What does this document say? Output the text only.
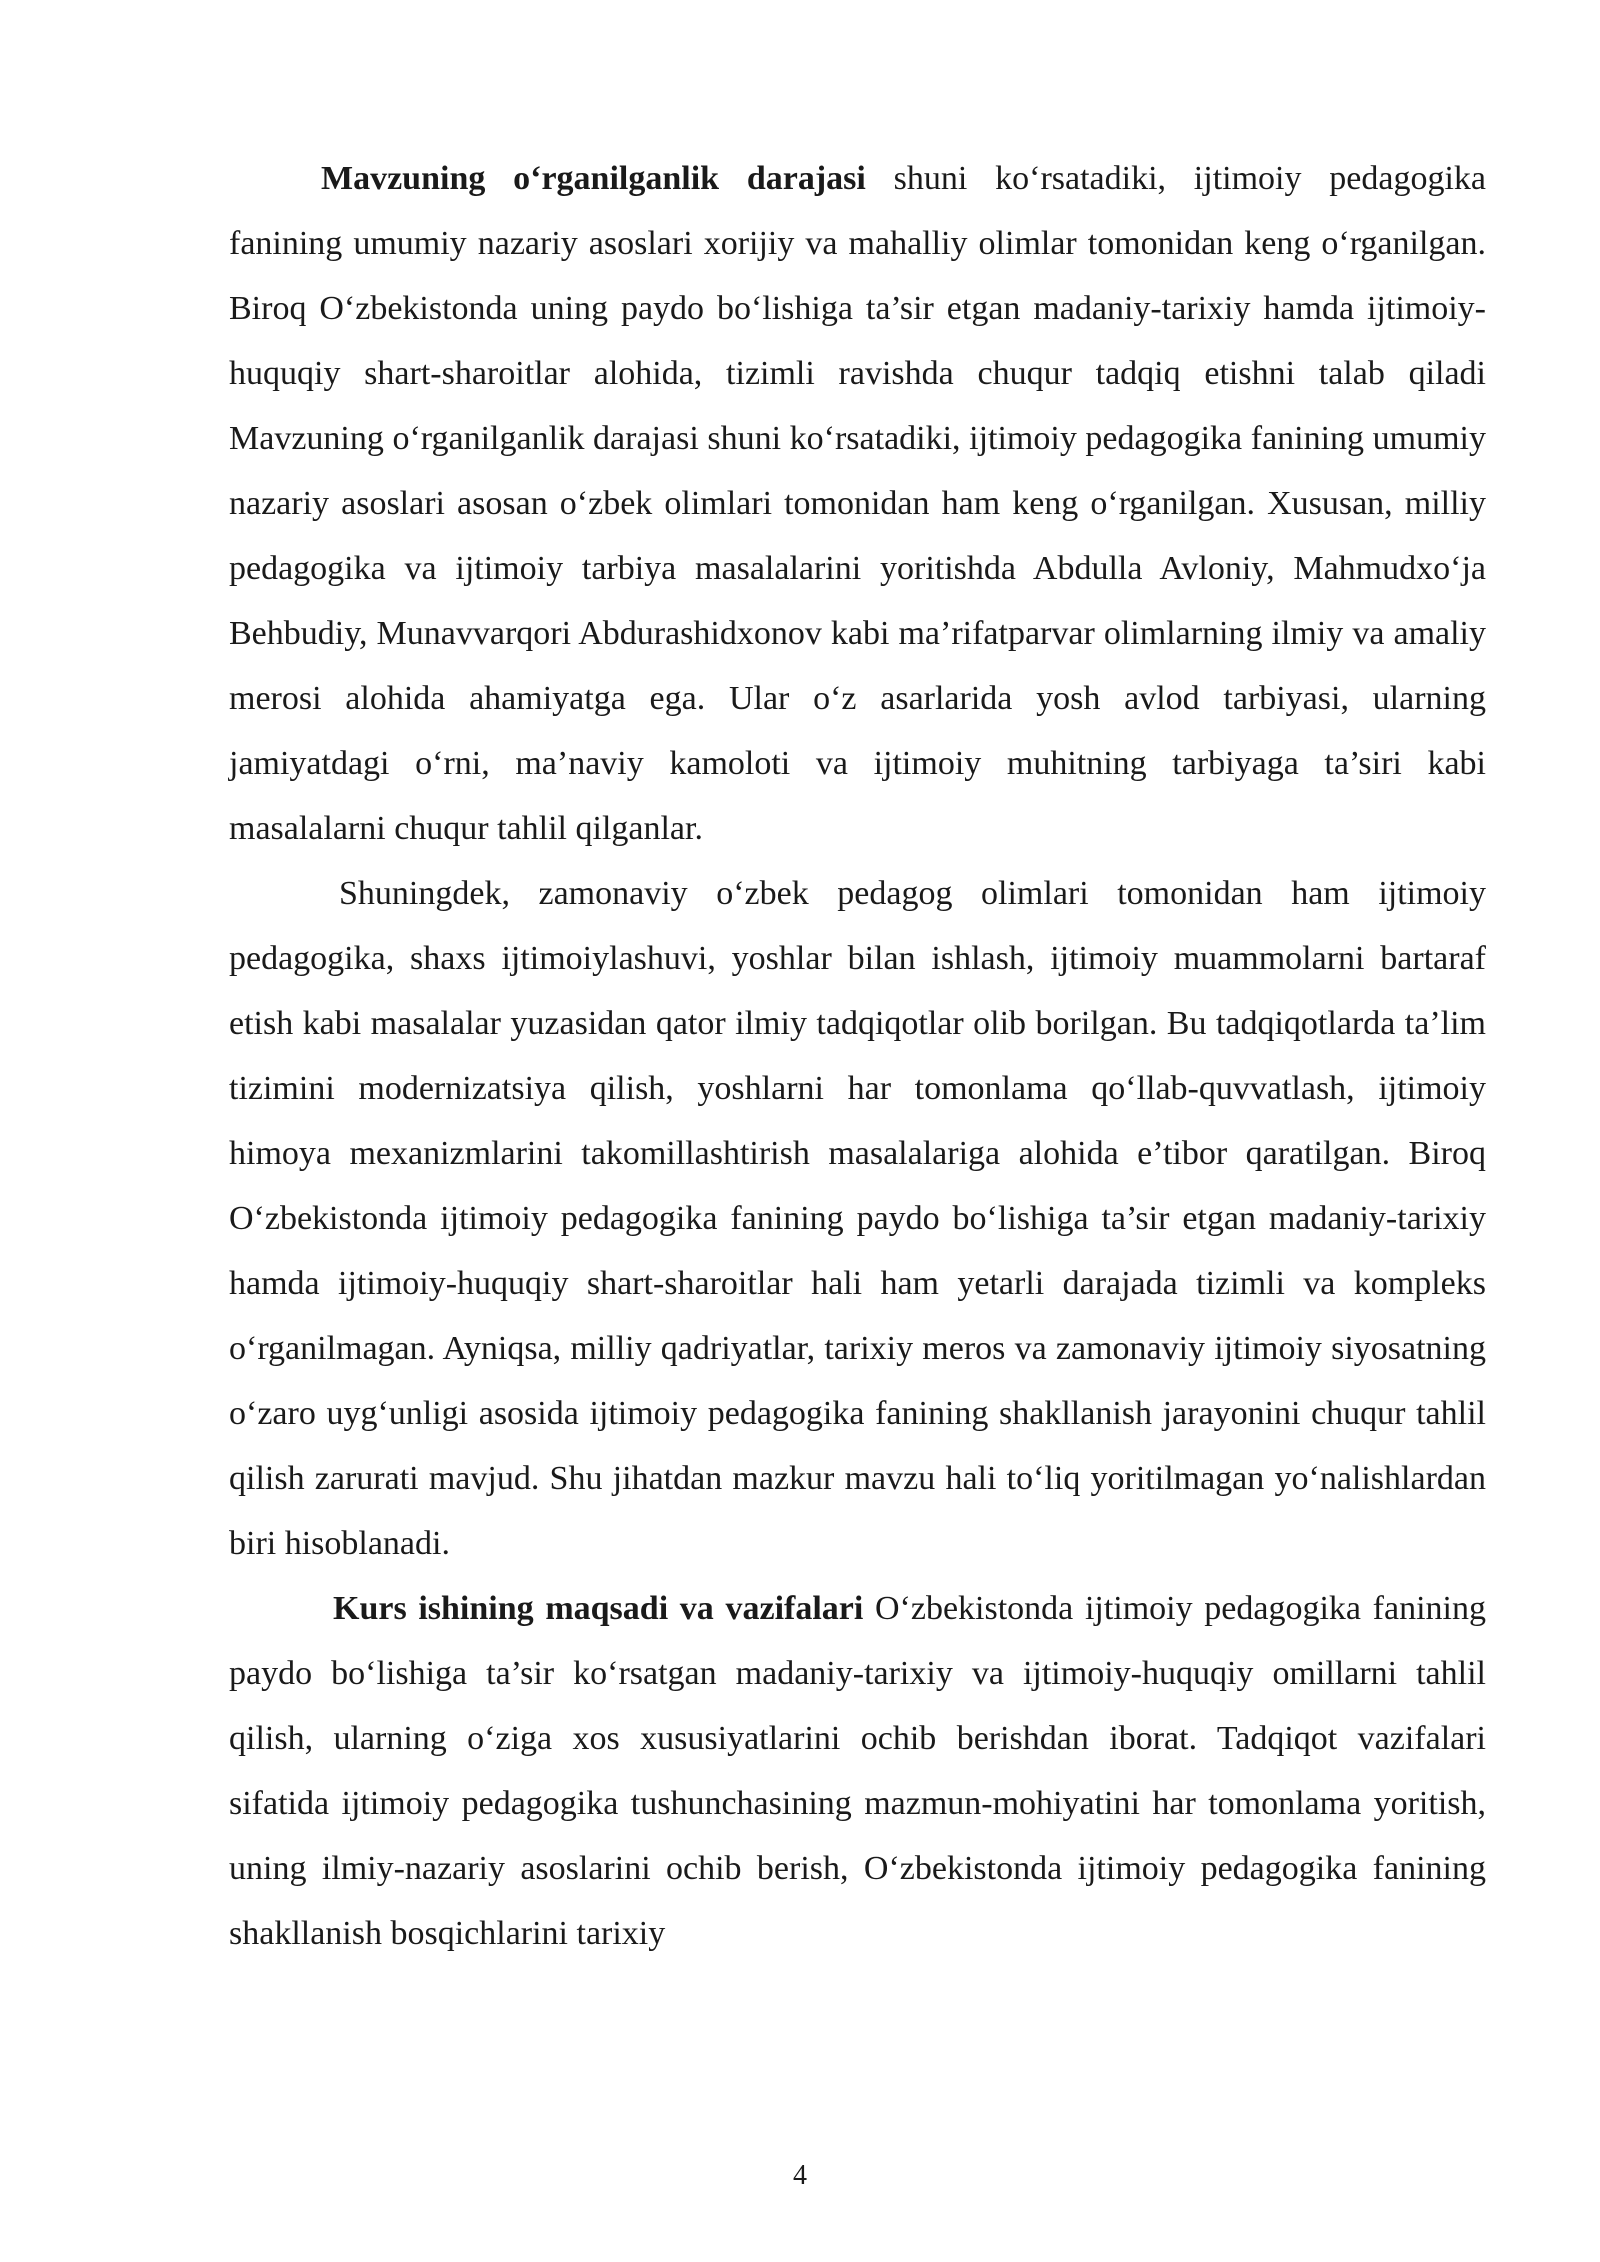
Mavzuning o‘rganilganlik darajasi shuni ko‘rsatadiki, ijtimoiy pedagogika fanining umumiy nazariy asoslari xorijiy va mahalliy olimlar tomonidan keng o‘rganilgan. Biroq O‘zbekistonda uning paydo bo‘lishiga ta’sir etgan madaniy-tarixiy hamda ijtimoiy-huquqiy shart-sharoitlar alohida, tizimli ravishda chuqur tadqiq etishni talab qiladi Mavzuning o‘rganilganlik darajasi shuni ko‘rsatadiki, ijtimoiy pedagogika fanining umumiy nazariy asoslari asosan o‘zbek olimlari tomonidan ham keng o‘rganilgan. Xususan, milliy pedagogika va ijtimoiy tarbiya masalalarini yoritishda Abdulla Avloniy, Mahmudxo‘ja Behbudiy, Munavvarqori Abdurashidxonov kabi ma’rifatparvar olimlarning ilmiy va amaliy merosi alohida ahamiyatga ega. Ular o‘z asarlarida yosh avlod tarbiyasi, ularning jamiyatdagi o‘rni, ma’naviy kamoloti va ijtimoiy muhitning tarbiyaga ta’siri kabi masalalarni chuqur tahlil qilganlar.

Shuningdek, zamonaviy o‘zbek pedagog olimlari tomonidan ham ijtimoiy pedagogika, shaxs ijtimoiylashuvi, yoshlar bilan ishlash, ijtimoiy muammolarni bartaraf etish kabi masalalar yuzasidan qator ilmiy tadqiqotlar olib borilgan. Bu tadqiqotlarda ta’lim tizimini modernizatsiya qilish, yoshlarni har tomonlama qo‘llab-quvvatlash, ijtimoiy himoya mexanizmlarini takomillashtirish masalalariga alohida e’tibor qaratilgan. Biroq O‘zbekistonda ijtimoiy pedagogika fanining paydo bo‘lishiga ta’sir etgan madaniy-tarixiy hamda ijtimoiy-huquqiy shart-sharoitlar hali ham yetarli darajada tizimli va kompleks o‘rganilmagan. Ayniqsa, milliy qadriyatlar, tarixiy meros va zamonaviy ijtimoiy siyosatning o‘zaro uyg‘unligi asosida ijtimoiy pedagogika fanining shakllanish jarayonini chuqur tahlil qilish zarurati mavjud. Shu jihatdan mazkur mavzu hali to‘liq yoritilmagan yo‘nalishlardan biri hisoblanadi.

Kurs ishining maqsadi va vazifalari O‘zbekistonda ijtimoiy pedagogika fanining paydo bo‘lishiga ta’sir ko‘rsatgan madaniy-tarixiy va ijtimoiy-huquqiy omillarni tahlil qilish, ularning o‘ziga xos xususiyatlarini ochib berishdan iborat. Tadqiqot vazifalari sifatida ijtimoiy pedagogika tushunchasining mazmun-mohiyatini har tomonlama yoritish, uning ilmiy-nazariy asoslarini ochib berish, O‘zbekistonda ijtimoiy pedagogika fanining shakllanish bosqichlarini tarixiy

4
